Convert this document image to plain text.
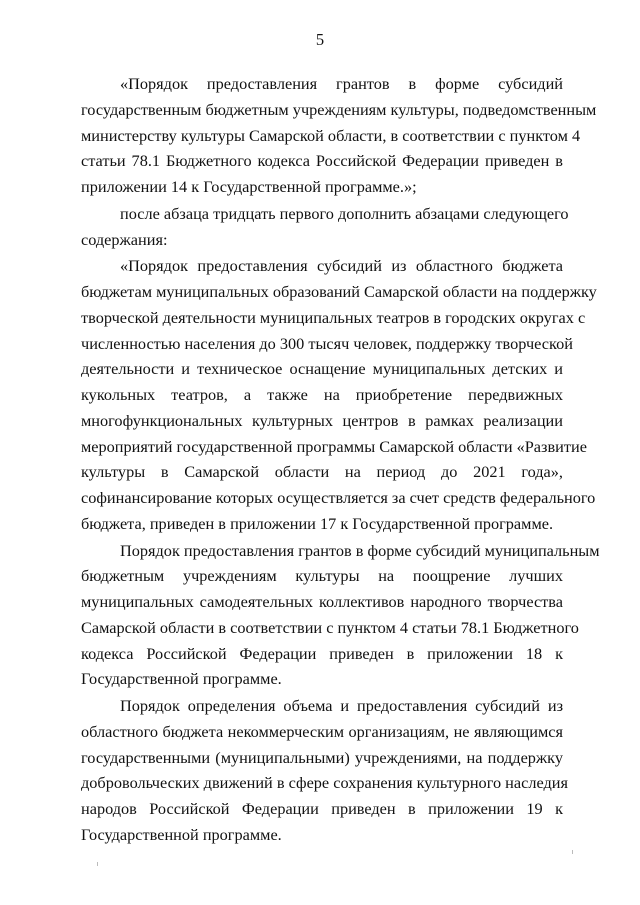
5
«Порядок предоставления грантов в форме субсидий
государственным бюджетным учреждениям культуры, подведомственным
министерству культуры Самарской области, в соответствии с пунктом 4
статьи 78.1 Бюджетного кодекса Российской Федерации приведен в
приложении 14 к Государственной программе.»;
после абзаца тридцать первого дополнить абзацами следующего
содержания:
«Порядок предоставления субсидий из областного бюджета
бюджетам муниципальных образований Самарской области на поддержку
творческой деятельности муниципальных театров в городских округах с
численностью населения до 300 тысяч человек, поддержку творческой
деятельности и техническое оснащение муниципальных детских и
кукольных театров, а также на приобретение передвижных
многофункциональных культурных центров в рамках реализации
мероприятий государственной программы Самарской области «Развитие
культуры в Самарской области на период до 2021 года»,
софинансирование которых осуществляется за счет средств федерального
бюджета, приведен в приложении 17 к Государственной программе.
Порядок предоставления грантов в форме субсидий муниципальным
бюджетным учреждениям культуры на поощрение лучших
муниципальных самодеятельных коллективов народного творчества
Самарской области в соответствии с пунктом 4 статьи 78.1 Бюджетного
кодекса Российской Федерации приведен в приложении 18 к
Государственной программе.
Порядок определения объема и предоставления субсидий из
областного бюджета некоммерческим организациям, не являющимся
государственными (муниципальными) учреждениями, на поддержку
добровольческих движений в сфере сохранения культурного наследия
народов Российской Федерации приведен в приложении 19 к
Государственной программе.
